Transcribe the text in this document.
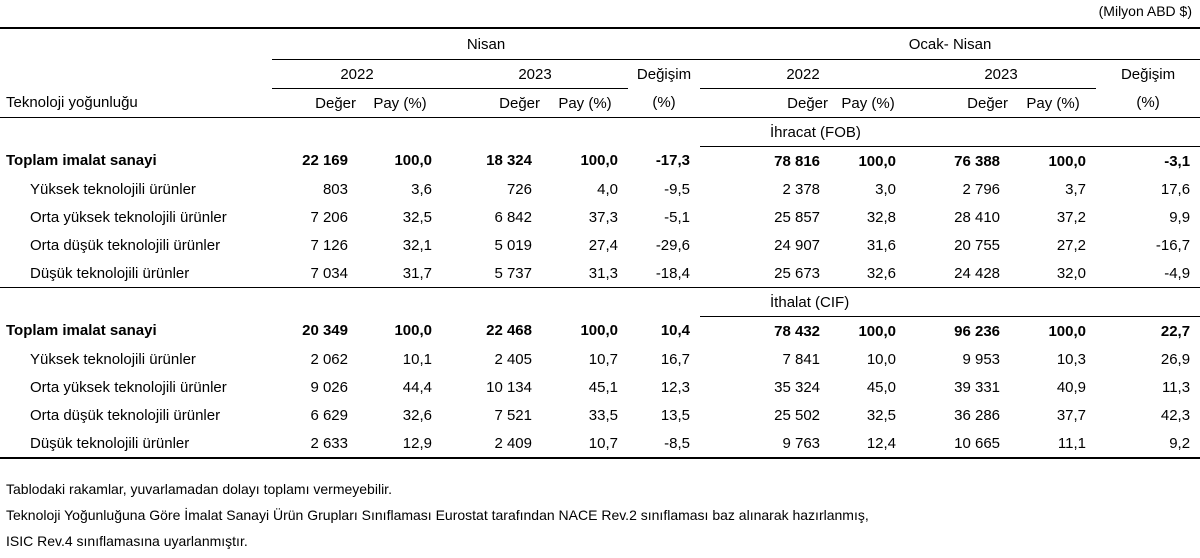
(Milyon ABD $)
	Nisan					Ocak- Nisan				
	2022		2023		Değişim	2022		2023		Değişim
Teknoloji yoğunluğu	Değer	Pay (%)	Değer	Pay (%)	(%)	Değer	Pay (%)	Değer	Pay (%)	(%)
						İhracat (FOB)				
Toplam imalat sanayi	22 169	100,0	18 324	100,0	-17,3	78 816	100,0	76 388	100,0	-3,1
Yüksek teknolojili ürünler	803	3,6	726	4,0	-9,5	2 378	3,0	2 796	3,7	17,6
Orta yüksek teknolojili ürünler	7 206	32,5	6 842	37,3	-5,1	25 857	32,8	28 410	37,2	9,9
Orta düşük teknolojili ürünler	7 126	32,1	5 019	27,4	-29,6	24 907	31,6	20 755	27,2	-16,7
Düşük teknolojili ürünler	7 034	31,7	5 737	31,3	-18,4	25 673	32,6	24 428	32,0	-4,9
						İthalat (CIF)				
Toplam imalat sanayi	20 349	100,0	22 468	100,0	10,4	78 432	100,0	96 236	100,0	22,7
Yüksek teknolojili ürünler	2 062	10,1	2 405	10,7	16,7	7 841	10,0	9 953	10,3	26,9
Orta yüksek teknolojili ürünler	9 026	44,4	10 134	45,1	12,3	35 324	45,0	39 331	40,9	11,3
Orta düşük teknolojili ürünler	6 629	32,6	7 521	33,5	13,5	25 502	32,5	36 286	37,7	42,3
Düşük teknolojili ürünler	2 633	12,9	2 409	10,7	-8,5	9 763	12,4	10 665	11,1	9,2
Tablodaki rakamlar, yuvarlamadan dolayı toplamı vermeyebilir.
Teknoloji Yoğunluğuna Göre İmalat Sanayi Ürün Grupları Sınıflaması Eurostat tarafından NACE Rev.2 sınıflaması baz alınarak hazırlanmış,
ISIC Rev.4 sınıflamasına uyarlanmıştır.
